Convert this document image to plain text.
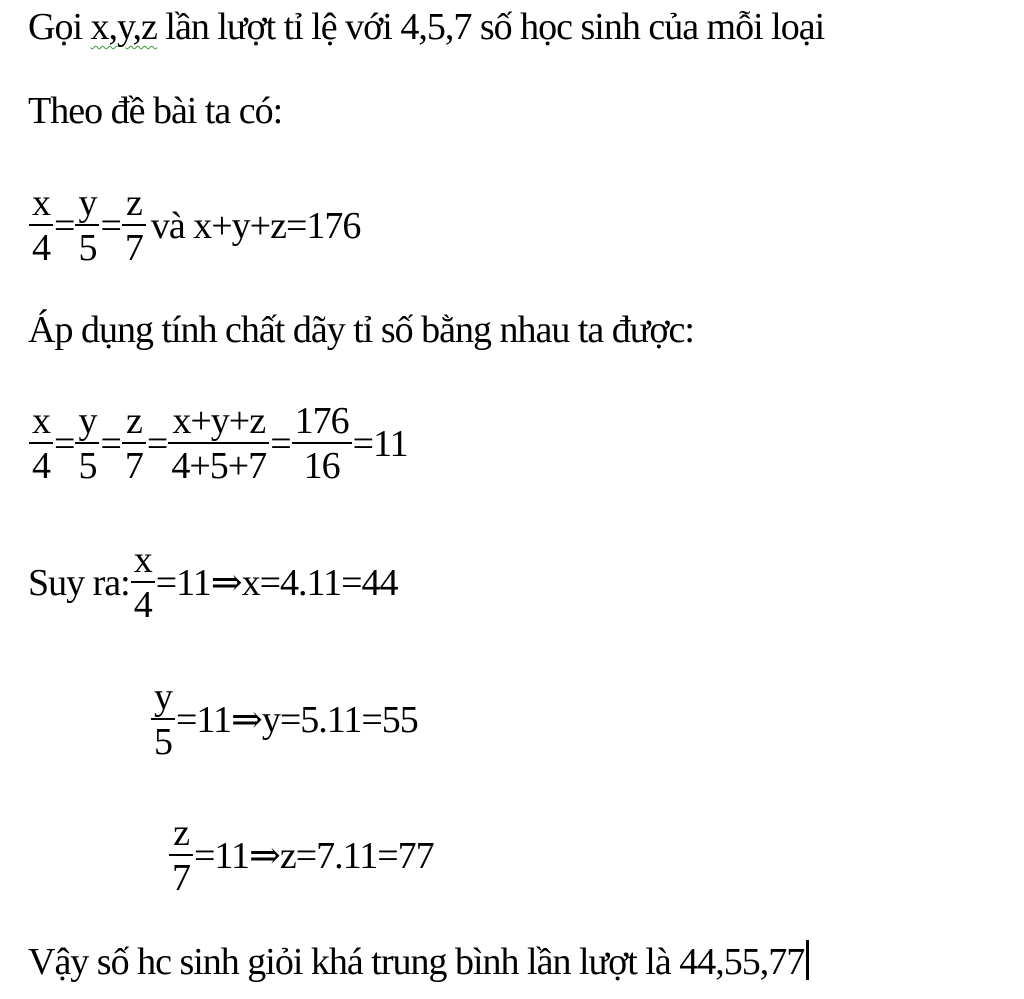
Gọi x,y,z lần lượt tỉ lệ với 4,5,7 số học sinh của mỗi loại
Theo đề bài ta có:
$\frac{x}{4} = \frac{y}{5} = \frac{z}{7}$ và x+y+z=176
Áp dụng tính chất dãy tỉ số bằng nhau ta được:
$\frac{x}{4} = \frac{y}{5} = \frac{z}{7} = \frac{x+y+z}{4+5+7} = \frac{176}{16} =11$
Suy ra: $\frac{x}{4}$ =11⇒x=4.11=44
$\frac{y}{5}$ =11⇒y=5.11=55
$\frac{z}{7}$ =11⇒z=7.11=77
Vậy số hc sinh giỏi khá trung bình lần lượt là 44,55,77
